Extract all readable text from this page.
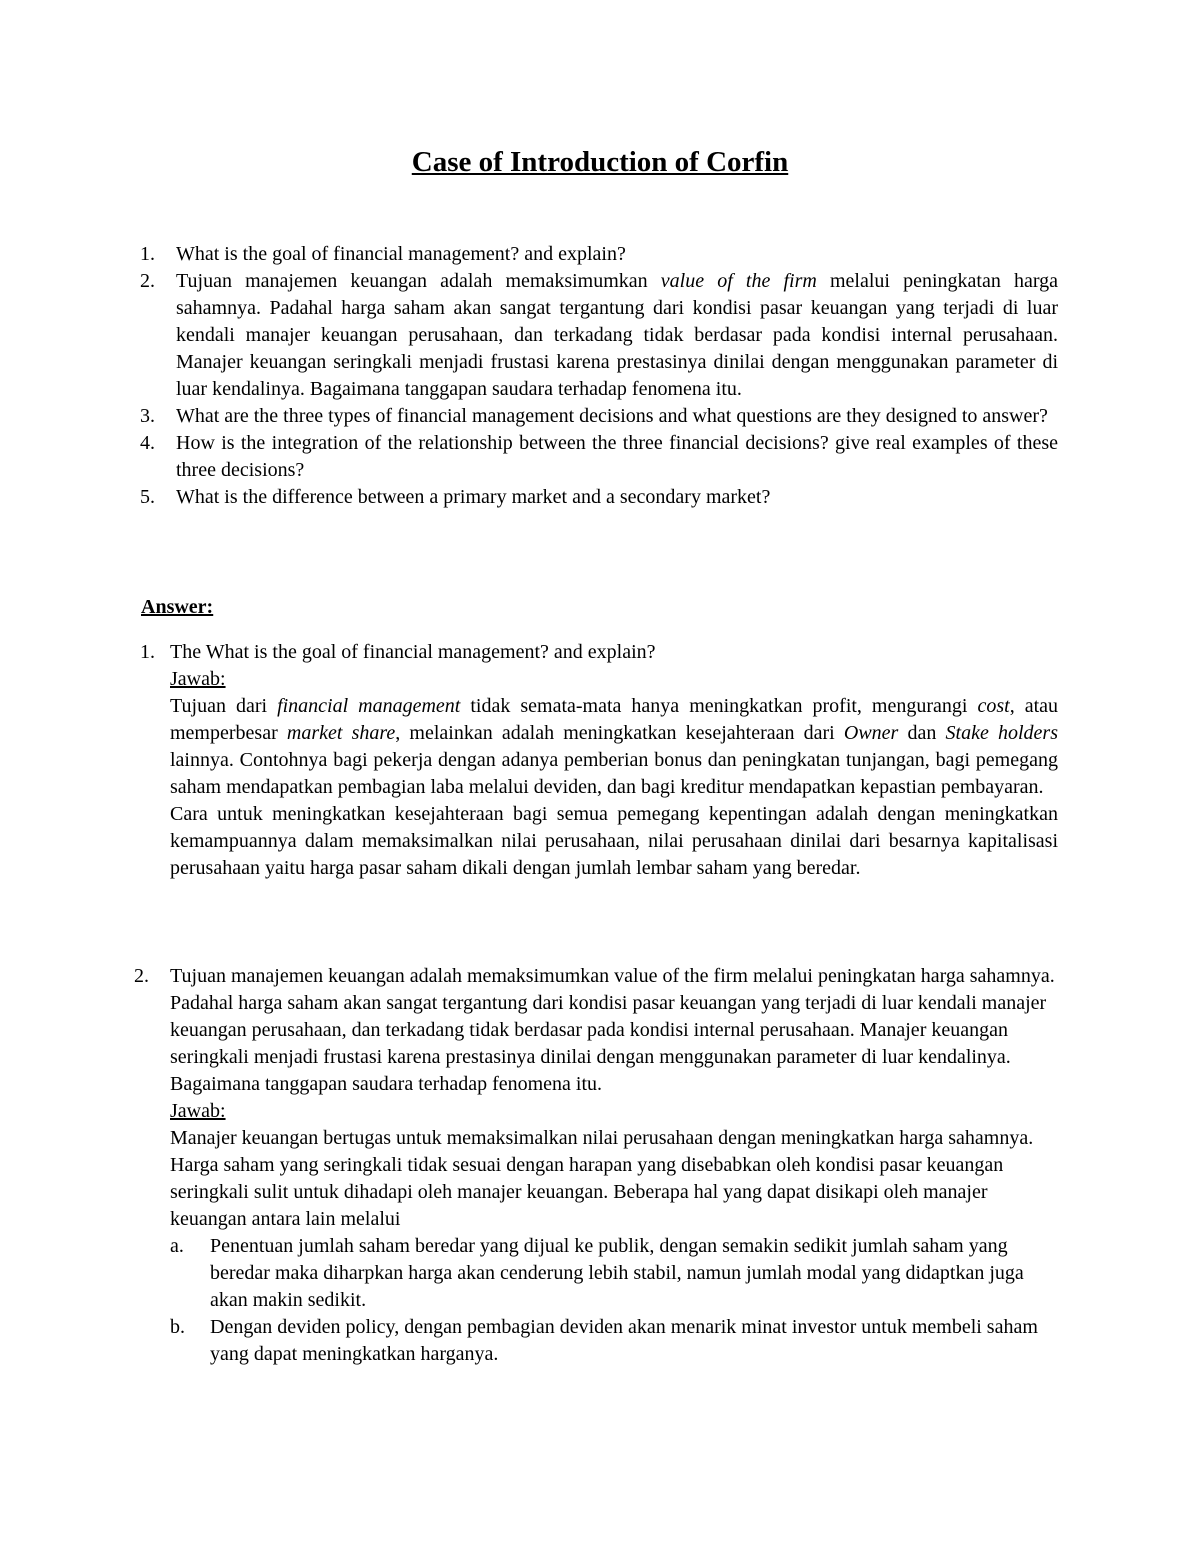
Case of Introduction of Corfin
1. What is the goal of financial management? and explain?
2. Tujuan manajemen keuangan adalah memaksimumkan value of the firm melalui peningkatan harga sahamnya. Padahal harga saham akan sangat tergantung dari kondisi pasar keuangan yang terjadi di luar kendali manajer keuangan perusahaan, dan terkadang tidak berdasar pada kondisi internal perusahaan. Manajer keuangan seringkali menjadi frustasi karena prestasinya dinilai dengan menggunakan parameter di luar kendalinya. Bagaimana tanggapan saudara terhadap fenomena itu.
3. What are the three types of financial management decisions and what questions are they designed to answer?
4. How is the integration of the relationship between the three financial decisions? give real examples of these three decisions?
5. What is the difference between a primary market and a secondary market?
Answer:
1. The What is the goal of financial management? and explain?
Jawab:
Tujuan dari financial management tidak semata-mata hanya meningkatkan profit, mengurangi cost, atau memperbesar market share, melainkan adalah meningkatkan kesejahteraan dari Owner dan Stake holders lainnya. Contohnya bagi pekerja dengan adanya pemberian bonus dan peningkatan tunjangan, bagi pemegang saham mendapatkan pembagian laba melalui deviden, dan bagi kreditur mendapatkan kepastian pembayaran.
Cara untuk meningkatkan kesejahteraan bagi semua pemegang kepentingan adalah dengan meningkatkan kemampuannya dalam memaksimalkan nilai perusahaan, nilai perusahaan dinilai dari besarnya kapitalisasi perusahaan yaitu harga pasar saham dikali dengan jumlah lembar saham yang beredar.
2. Tujuan manajemen keuangan adalah memaksimumkan value of the firm melalui peningkatan harga sahamnya. Padahal harga saham akan sangat tergantung dari kondisi pasar keuangan yang terjadi di luar kendali manajer keuangan perusahaan, dan terkadang tidak berdasar pada kondisi internal perusahaan. Manajer keuangan seringkali menjadi frustasi karena prestasinya dinilai dengan menggunakan parameter di luar kendalinya. Bagaimana tanggapan saudara terhadap fenomena itu.
Jawab:
Manajer keuangan bertugas untuk memaksimalkan nilai perusahaan dengan meningkatkan harga sahamnya. Harga saham yang seringkali tidak sesuai dengan harapan yang disebabkan oleh kondisi pasar keuangan seringkali sulit untuk dihadapi oleh manajer keuangan. Beberapa hal yang dapat disikapi oleh manajer keuangan antara lain melalui
a. Penentuan jumlah saham beredar yang dijual ke publik, dengan semakin sedikit jumlah saham yang beredar maka diharpkan harga akan cenderung lebih stabil, namun jumlah modal yang didaptkan juga akan makin sedikit.
b. Dengan deviden policy, dengan pembagian deviden akan menarik minat investor untuk membeli saham yang dapat meningkatkan harganya.
